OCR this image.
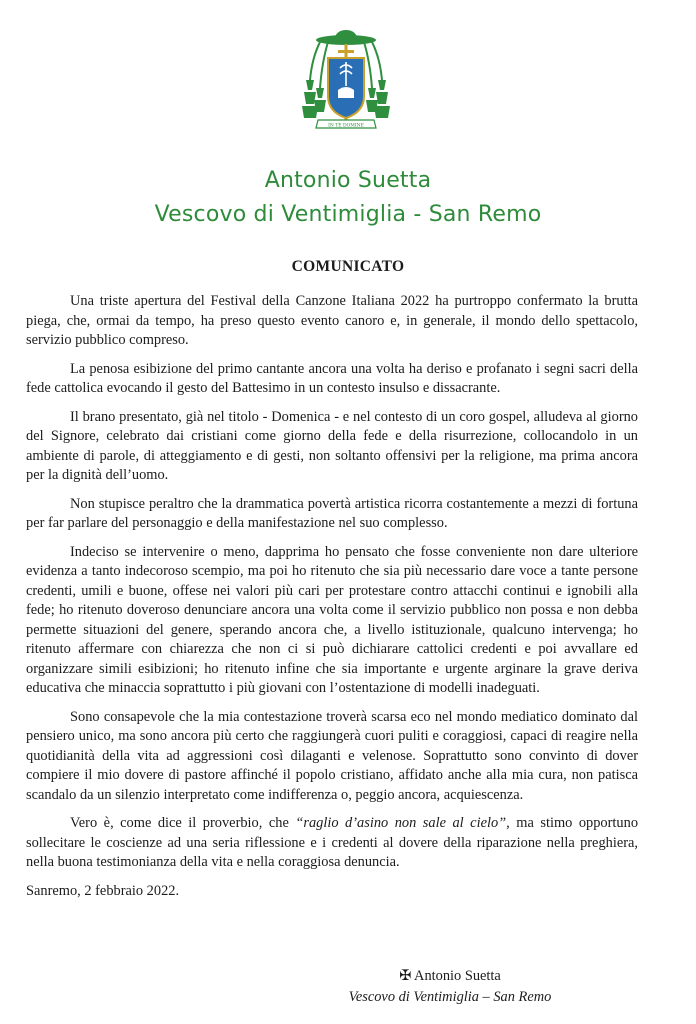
IN TE DOMINE
Antonio Suetta
Vescovo di Ventimiglia - San Remo
COMUNICATO

Una triste apertura del Festival della Canzone Italiana 2022 ha purtroppo confermato la brutta piega, che, ormai da tempo, ha preso questo evento canoro e, in generale, il mondo dello spettacolo, servizio pubblico compreso.

La penosa esibizione del primo cantante ancora una volta ha deriso e profanato i segni sacri della fede cattolica evocando il gesto del Battesimo in un contesto insulso e dissacrante.

Il brano presentato, già nel titolo - Domenica - e nel contesto di un coro gospel, alludeva al giorno del Signore, celebrato dai cristiani come giorno della fede e della risurrezione, collocandolo in un ambiente di parole, di atteggiamento e di gesti, non soltanto offensivi per la religione, ma prima ancora per la dignità dell’uomo.

Non stupisce peraltro che la drammatica povertà artistica ricorra costantemente a mezzi di fortuna per far parlare del personaggio e della manifestazione nel suo complesso.

Indeciso se intervenire o meno, dapprima ho pensato che fosse conveniente non dare ulteriore evidenza a tanto indecoroso scempio, ma poi ho ritenuto che sia più necessario dare voce a tante persone credenti, umili e buone, offese nei valori più cari per protestare contro attacchi continui e ignobili alla fede; ho ritenuto doveroso denunciare ancora una volta come il servizio pubblico non possa e non debba permette situazioni del genere, sperando ancora che, a livello istituzionale, qualcuno intervenga; ho ritenuto affermare con chiarezza che non ci si può dichiarare cattolici credenti e poi avvallare ed organizzare simili esibizioni; ho ritenuto infine che sia importante e urgente arginare la grave deriva educativa che minaccia soprattutto i più giovani con l’ostentazione di modelli inadeguati.

Sono consapevole che la mia contestazione troverà scarsa eco nel mondo mediatico dominato dal pensiero unico, ma sono ancora più certo che raggiungerà cuori puliti e coraggiosi, capaci di reagire nella quotidianità della vita ad aggressioni così dilaganti e velenose. Soprattutto sono convinto di dover compiere il mio dovere di pastore affinché il popolo cristiano, affidato anche alla mia cura, non patisca scandalo da un silenzio interpretato come indifferenza o, peggio ancora, acquiescenza.

Vero è, come dice il proverbio, che “raglio d’asino non sale al cielo”, ma stimo opportuno sollecitare le coscienze ad una seria riflessione e i credenti al dovere della riparazione nella preghiera, nella buona testimonianza della vita e nella coraggiosa denuncia.

Sanremo, 2 febbraio 2022.

✠ Antonio Suetta
Vescovo di Ventimiglia – San Remo
